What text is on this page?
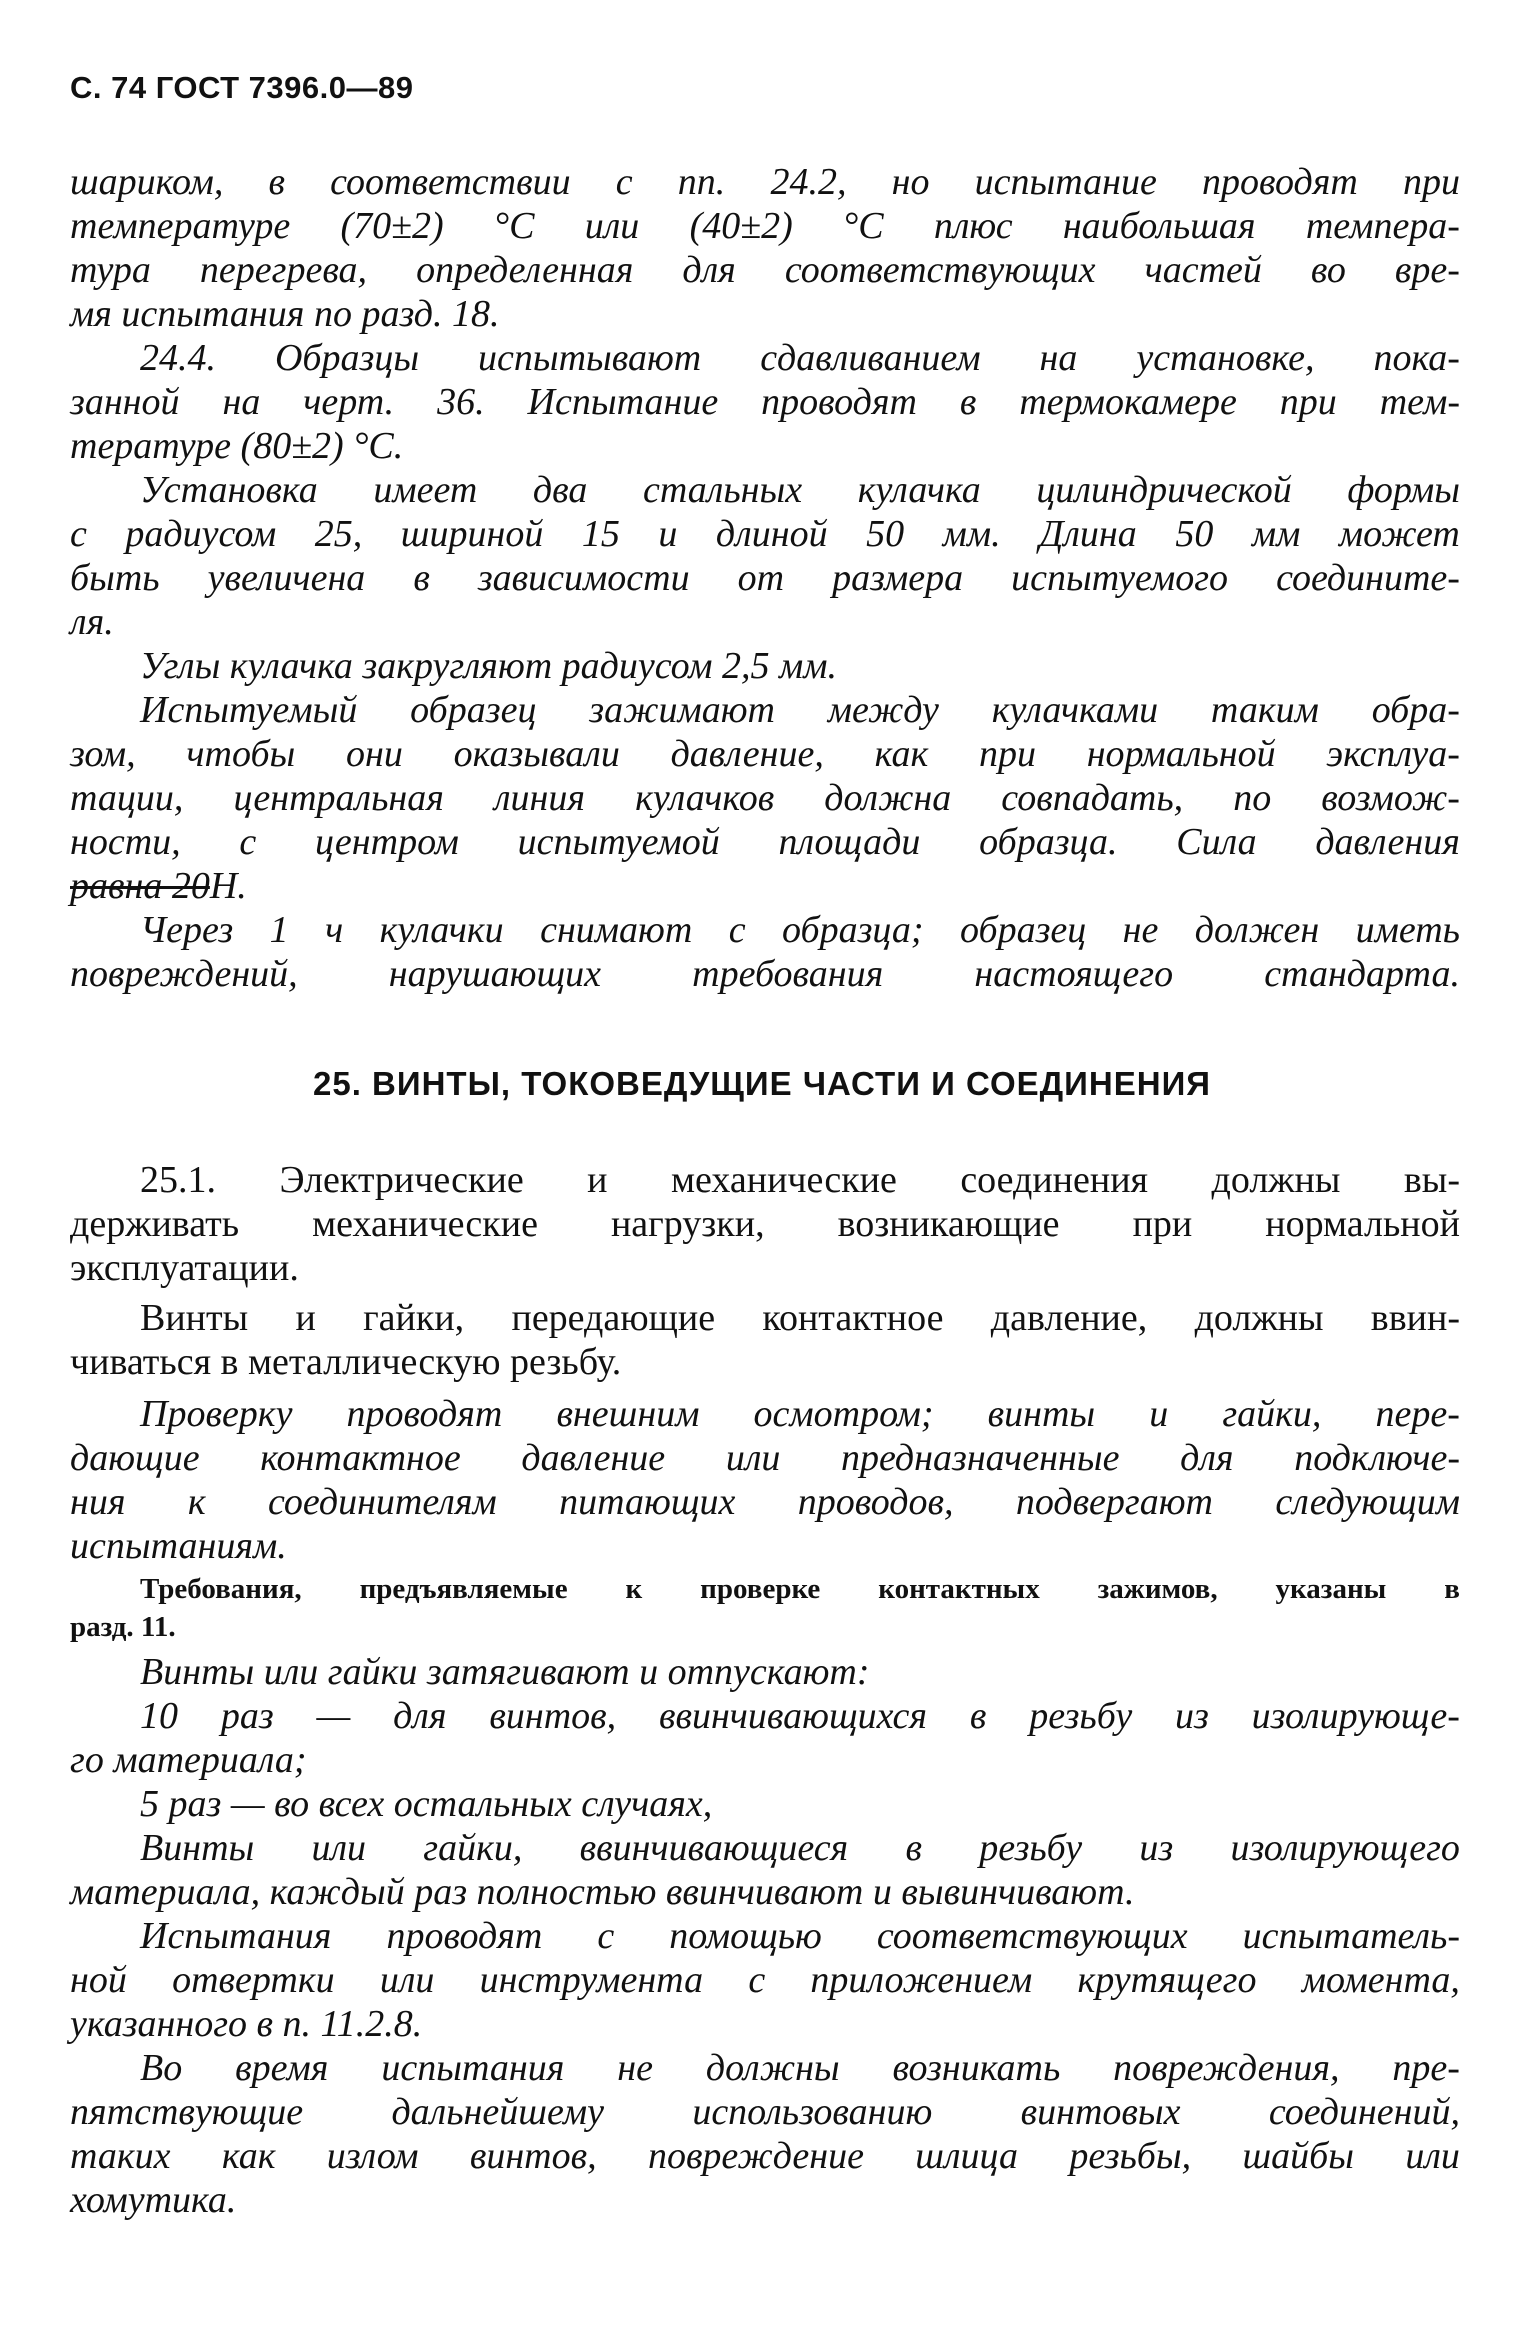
С. 74 ГОСТ 7396.0—89
шариком, в соответствии с пп. 24.2, но испытание проводят при
температуре (70±2) °С или (40±2) °С плюс наибольшая темпера-
тура перегрева, определенная для соответствующих частей во вре-
мя испытания по разд. 18.
24.4. Образцы испытывают сдавливанием на установке, пока-
занной на черт. 36. Испытание проводят в термокамере при тем-
тературе (80±2) °С.
Установка имеет два стальных кулачка цилиндрической формы
с радиусом 25, шириной 15 и длиной 50 мм. Длина 50 мм может
быть увеличена в зависимости от размера испытуемого соедините-
ля.
Углы кулачка закругляют радиусом 2,5 мм.
Испытуемый образец зажимают между кулачками таким обра-
зом, чтобы они оказывали давление, как при нормальной эксплуа-
тации, центральная линия кулачков должна совпадать, по возмож-
ности, с центром испытуемой площади образца. Сила давления
равна 20 Н.
Через 1 ч кулачки снимают с образца; образец не должен иметь
повреждений, нарушающих требования настоящего стандарта.
25. ВИНТЫ, ТОКОВЕДУЩИЕ ЧАСТИ И СОЕДИНЕНИЯ
25.1. Электрические и механические соединения должны вы-
держивать механические нагрузки, возникающие при нормальной
эксплуатации.
Винты и гайки, передающие контактное давление, должны ввин-
чиваться в металлическую резьбу.
Проверку проводят внешним осмотром; винты и гайки, пере-
дающие контактное давление или предназначенные для подключе-
ния к соединителям питающих проводов, подвергают следующим
испытаниям.
Требования, предъявляемые к проверке контактных зажимов, указаны в
разд. 11.
Винты или гайки затягивают и отпускают:
10 раз — для винтов, ввинчивающихся в резьбу из изолирующе-
го материала;
5 раз — во всех остальных случаях,
Винты или гайки, ввинчивающиеся в резьбу из изолирующего
материала, каждый раз полностью ввинчивают и вывинчивают.
Испытания проводят с помощью соответствующих испытатель-
ной отвертки или инструмента с приложением крутящего момента,
указанного в п. 11.2.8.
Во время испытания не должны возникать повреждения, пре-
пятствующие дальнейшему использованию винтовых соединений,
таких как излом винтов, повреждение шлица резьбы, шайбы или
хомутика.
